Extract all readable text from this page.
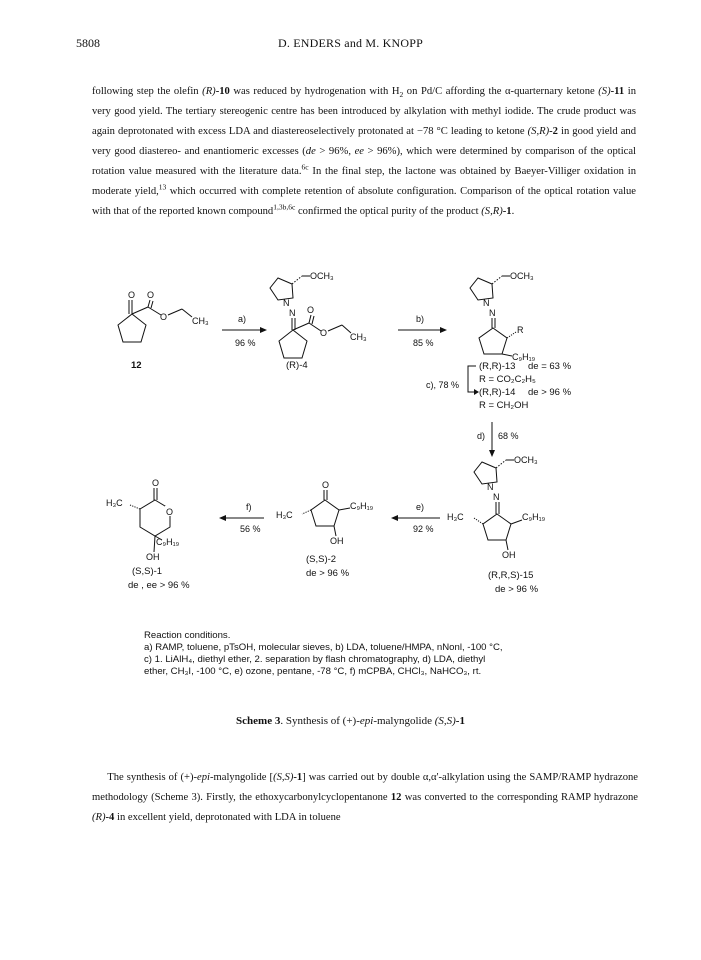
5808	D. ENDERS and M. KNOPP
following step the olefin (R)-10 was reduced by hydrogenation with $H_2$ on Pd/C affording the α-quarternary ketone (S)-11 in very good yield. The tertiary stereogenic centre has been introduced by alkylation with methyl iodide. The crude product was again deprotonated with excess LDA and diastereoselectively protonated at −78 °C leading to ketone (S,R)-2 in good yield and very good diastereo- and enantiomeric excesses (de > 96%, ee > 96%), which were determined by comparison of the optical rotation value measured with the literature data.$^{6c}$ In the final step, the lactone was obtained by Baeyer-Villiger oxidation in moderate yield,$^{13}$ which occurred with complete retention of absolute configuration. Comparison of the optical rotation value with that of the reported known compound$^{1,3b,6c}$ confirmed the optical purity of the product (S,R)-1.
O O
O	CH₃
12
a)
96 %
OCH₃
N
N O
O	CH₃
(R)-4
b)
85 %
OCH₃
N
N
R
C₉H₁₉
c), 78 %
(R,R)-13 de = 63 %
R = CO₂C₂H₅
(R,R)-14 de > 96 %
R = CH₂OH
d) 68 %
OCH₃
N
N
H₃C	C₉H₁₉
OH
(R,R,S)-15
de > 96 %
e)
92 %
O
H₃C
C₉H₁₉
OH
(S,S)-2
de > 96 %
f)
56 %
O
O
H₃C
C₉H₁₉
OH
(S,S)-1
de , ee > 96 %
Reaction conditions.
a) RAMP, toluene, pTsOH, molecular sieves, b) LDA, toluene/HMPA, nNonl, -100 °C,
c) 1. LiAlH₄, diethyl ether, 2. separation by flash chromatography, d) LDA, diethyl
ether, CH₃I, -100 °C, e) ozone, pentane, -78 °C, f) mCPBA, CHCl₃, NaHCO₃, rt.
Scheme 3. Synthesis of (+)-epi-malyngolide (S,S)-1
The synthesis of (+)-epi-malyngolide [(S,S)-1] was carried out by double α,α'-alkylation using the SAMP/RAMP hydrazone methodology (Scheme 3). Firstly, the ethoxycarbonylcyclopentanone 12 was converted to the corresponding RAMP hydrazone (R)-4 in excellent yield, deprotonated with LDA in toluene
